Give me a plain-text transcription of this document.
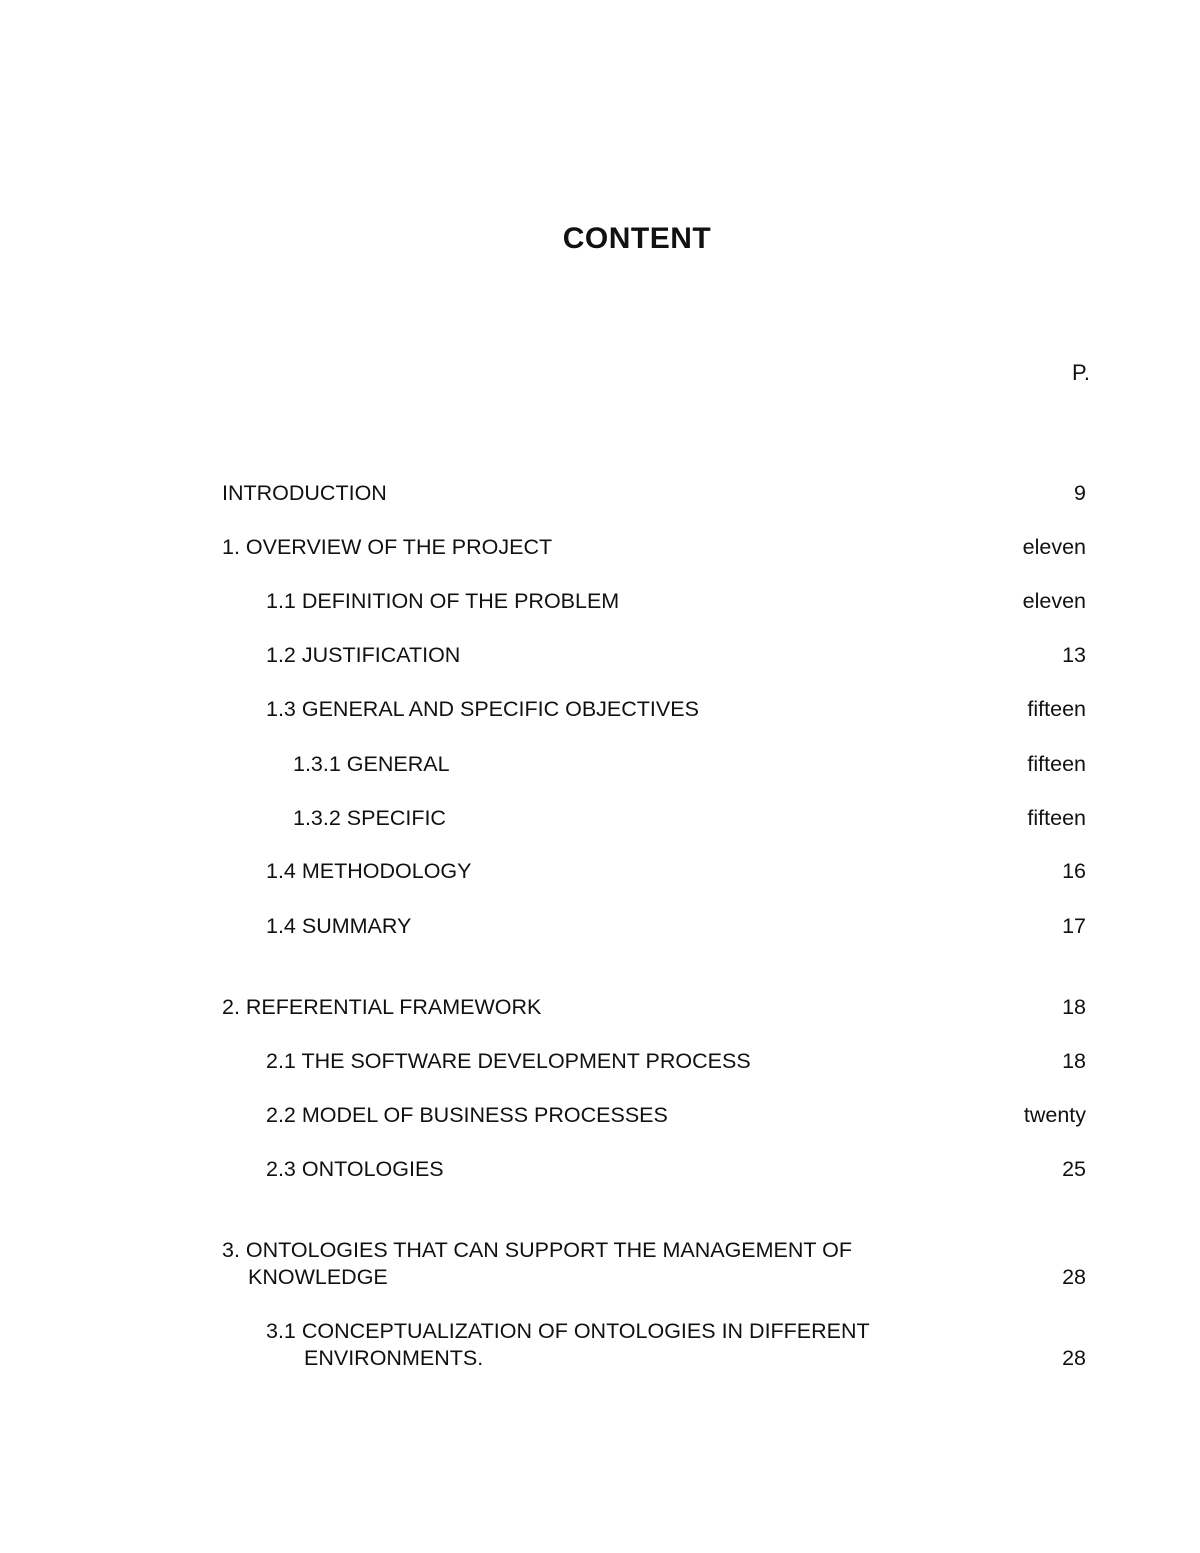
CONTENT
P.
INTRODUCTION	9
1. OVERVIEW OF THE PROJECT	eleven
1.1 DEFINITION OF THE PROBLEM	eleven
1.2 JUSTIFICATION	13
1.3 GENERAL AND SPECIFIC OBJECTIVES	fifteen
1.3.1 GENERAL	fifteen
1.3.2 SPECIFIC	fifteen
1.4 METHODOLOGY	16
1.4 SUMMARY	17
2. REFERENTIAL FRAMEWORK	18
2.1 THE SOFTWARE DEVELOPMENT PROCESS	18
2.2 MODEL OF BUSINESS PROCESSES	twenty
2.3 ONTOLOGIES	25
3. ONTOLOGIES THAT CAN SUPPORT THE MANAGEMENT OF KNOWLEDGE	28
3.1 CONCEPTUALIZATION OF ONTOLOGIES IN DIFFERENT ENVIRONMENTS.	28
